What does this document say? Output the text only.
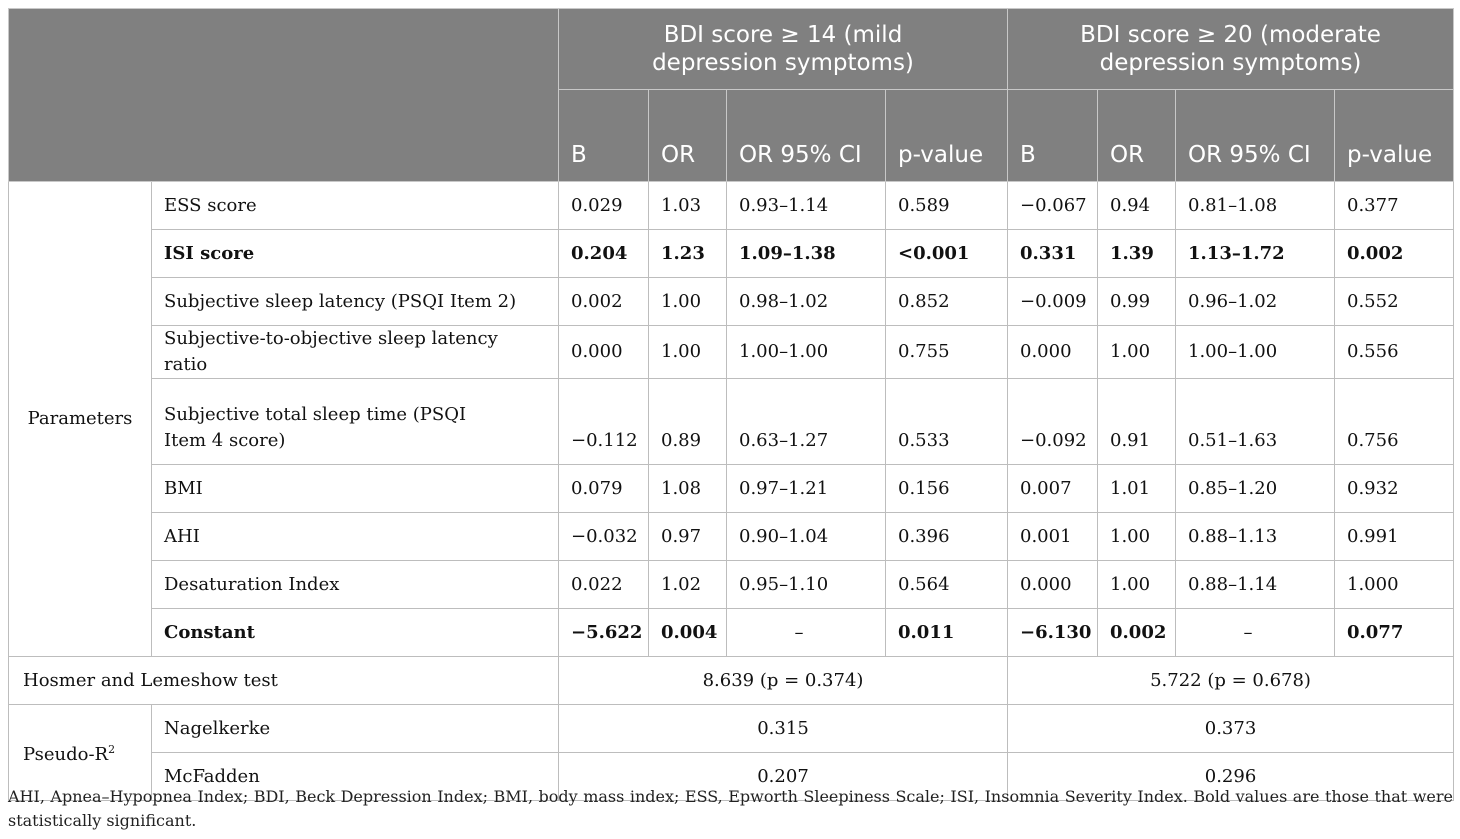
		BDI score ≥ 14 (mild depression symptoms)				BDI score ≥ 20 (moderate depression symptoms)			
		B	OR	OR 95% CI	p-value	B	OR	OR 95% CI	p-value
Parameters	ESS score	0.029	1.03	0.93–1.14	0.589	−0.067	0.94	0.81–1.08	0.377
	ISI score	0.204	1.23	1.09–1.38	<0.001	0.331	1.39	1.13–1.72	0.002
	Subjective sleep latency (PSQI Item 2)	0.002	1.00	0.98–1.02	0.852	−0.009	0.99	0.96–1.02	0.552
	Subjective-to-objective sleep latency ratio	0.000	1.00	1.00–1.00	0.755	0.000	1.00	1.00–1.00	0.556
	Subjective total sleep time (PSQI Item 4 score)	−0.112	0.89	0.63–1.27	0.533	−0.092	0.91	0.51–1.63	0.756
	BMI	0.079	1.08	0.97–1.21	0.156	0.007	1.01	0.85–1.20	0.932
	AHI	−0.032	0.97	0.90–1.04	0.396	0.001	1.00	0.88–1.13	0.991
	Desaturation Index	0.022	1.02	0.95–1.10	0.564	0.000	1.00	0.88–1.14	1.000
	Constant	−5.622	0.004	–	0.011	−6.130	0.002	–	0.077
Hosmer and Lemeshow test		8.639 (p = 0.374)				5.722 (p = 0.678)			
Pseudo-$R^2$	Nagelkerke	0.315				0.373			
	McFadden	0.207				0.296			
AHI, Apnea–Hypopnea Index; BDI, Beck Depression Index; BMI, body mass index; ESS, Epworth Sleepiness Scale; ISI, Insomnia Severity Index. Bold values are those that were statistically significant.
